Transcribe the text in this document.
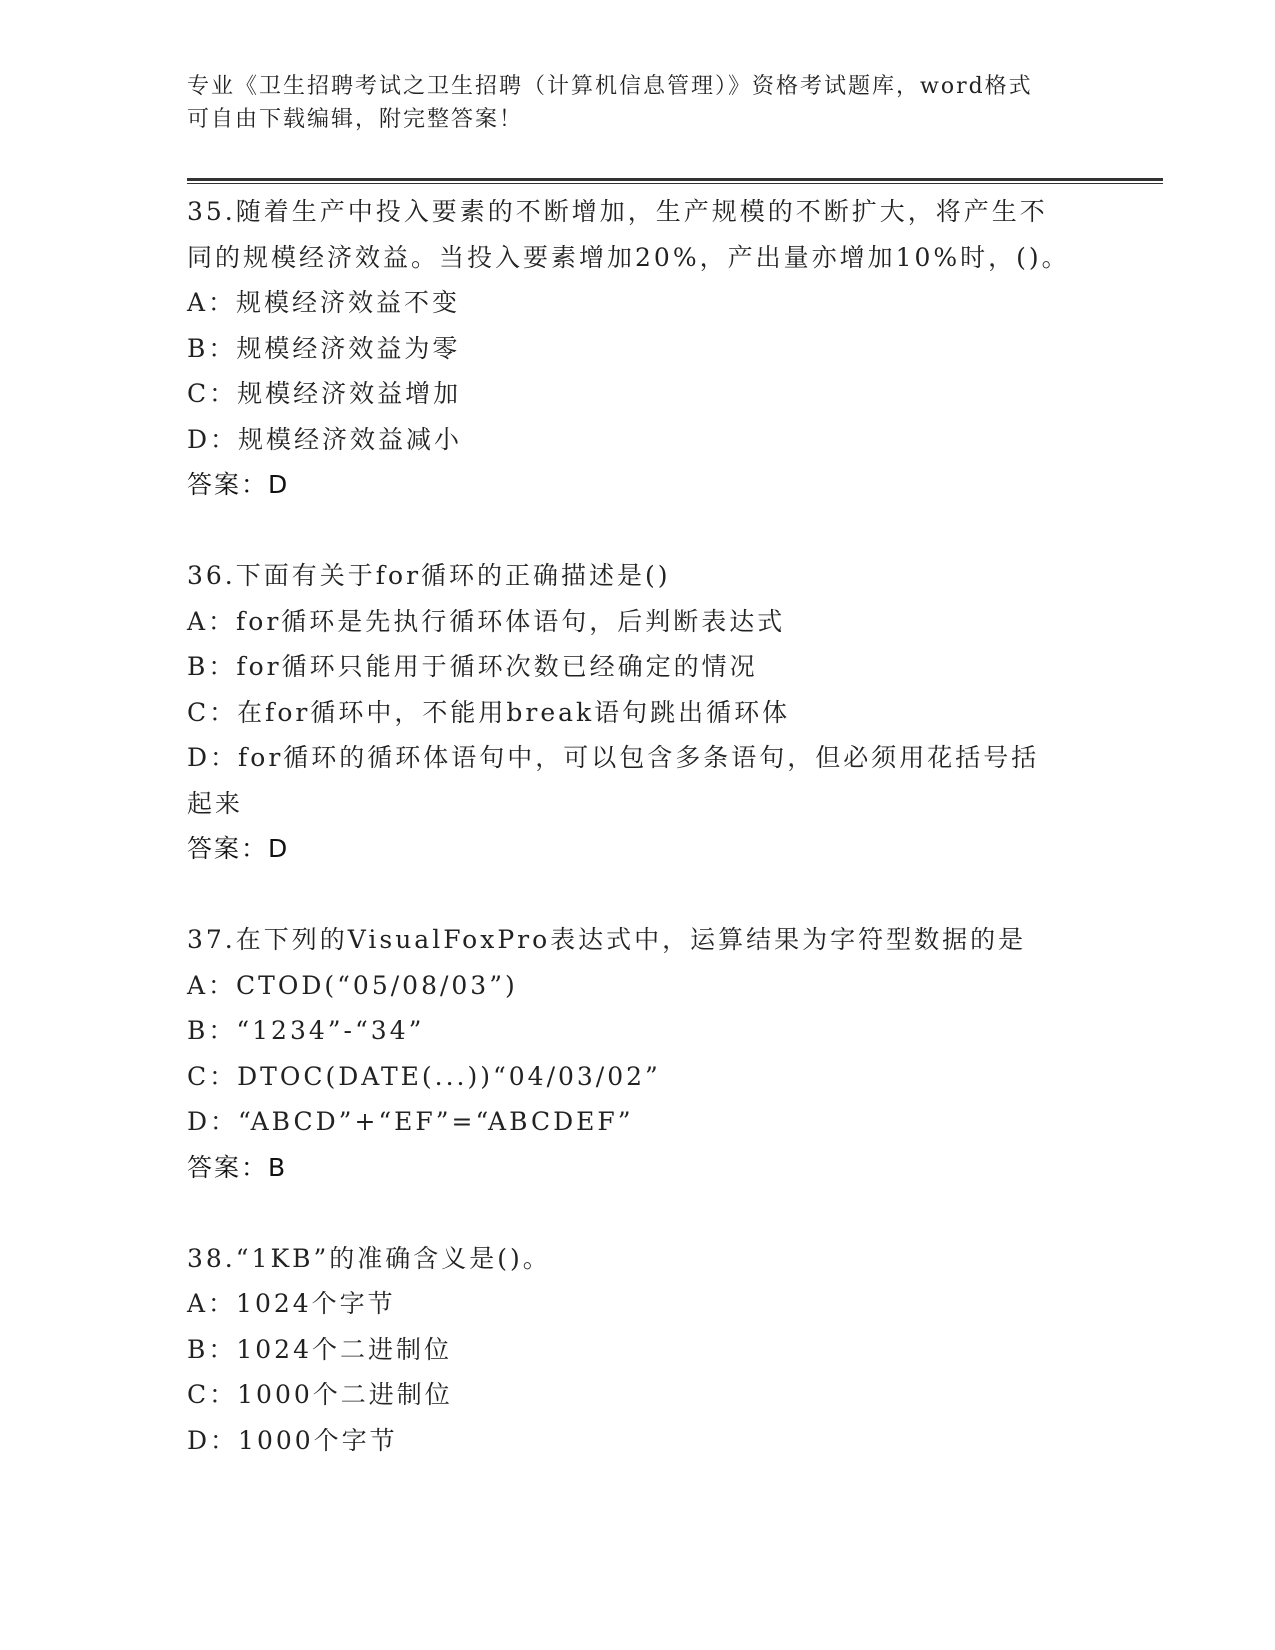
专业《卫生招聘考试之卫生招聘（计算机信息管理）》资格考试题库，word格式
可自由下载编辑，附完整答案！
35.随着生产中投入要素的不断增加，生产规模的不断扩大，将产生不
同的规模经济效益。当投入要素增加20%，产出量亦增加10%时，()。
A：规模经济效益不变
B：规模经济效益为零
C：规模经济效益增加
D：规模经济效益减小
答案：D
36.下面有关于for循环的正确描述是()
A：for循环是先执行循环体语句，后判断表达式
B：for循环只能用于循环次数已经确定的情况
C：在for循环中，不能用break语句跳出循环体
D：for循环的循环体语句中，可以包含多条语句，但必须用花括号括
起来
答案：D
37.在下列的VisualFoxPro表达式中，运算结果为字符型数据的是
A：CTOD(“05/08/03”)
B：“1234”-“34”
C：DTOC(DATE(...))“04/03/02”
D：“ABCD”+“EF”=“ABCDEF”
答案：B
38.“1KB”的准确含义是()。
A：1024个字节
B：1024个二进制位
C：1000个二进制位
D：1000个字节
